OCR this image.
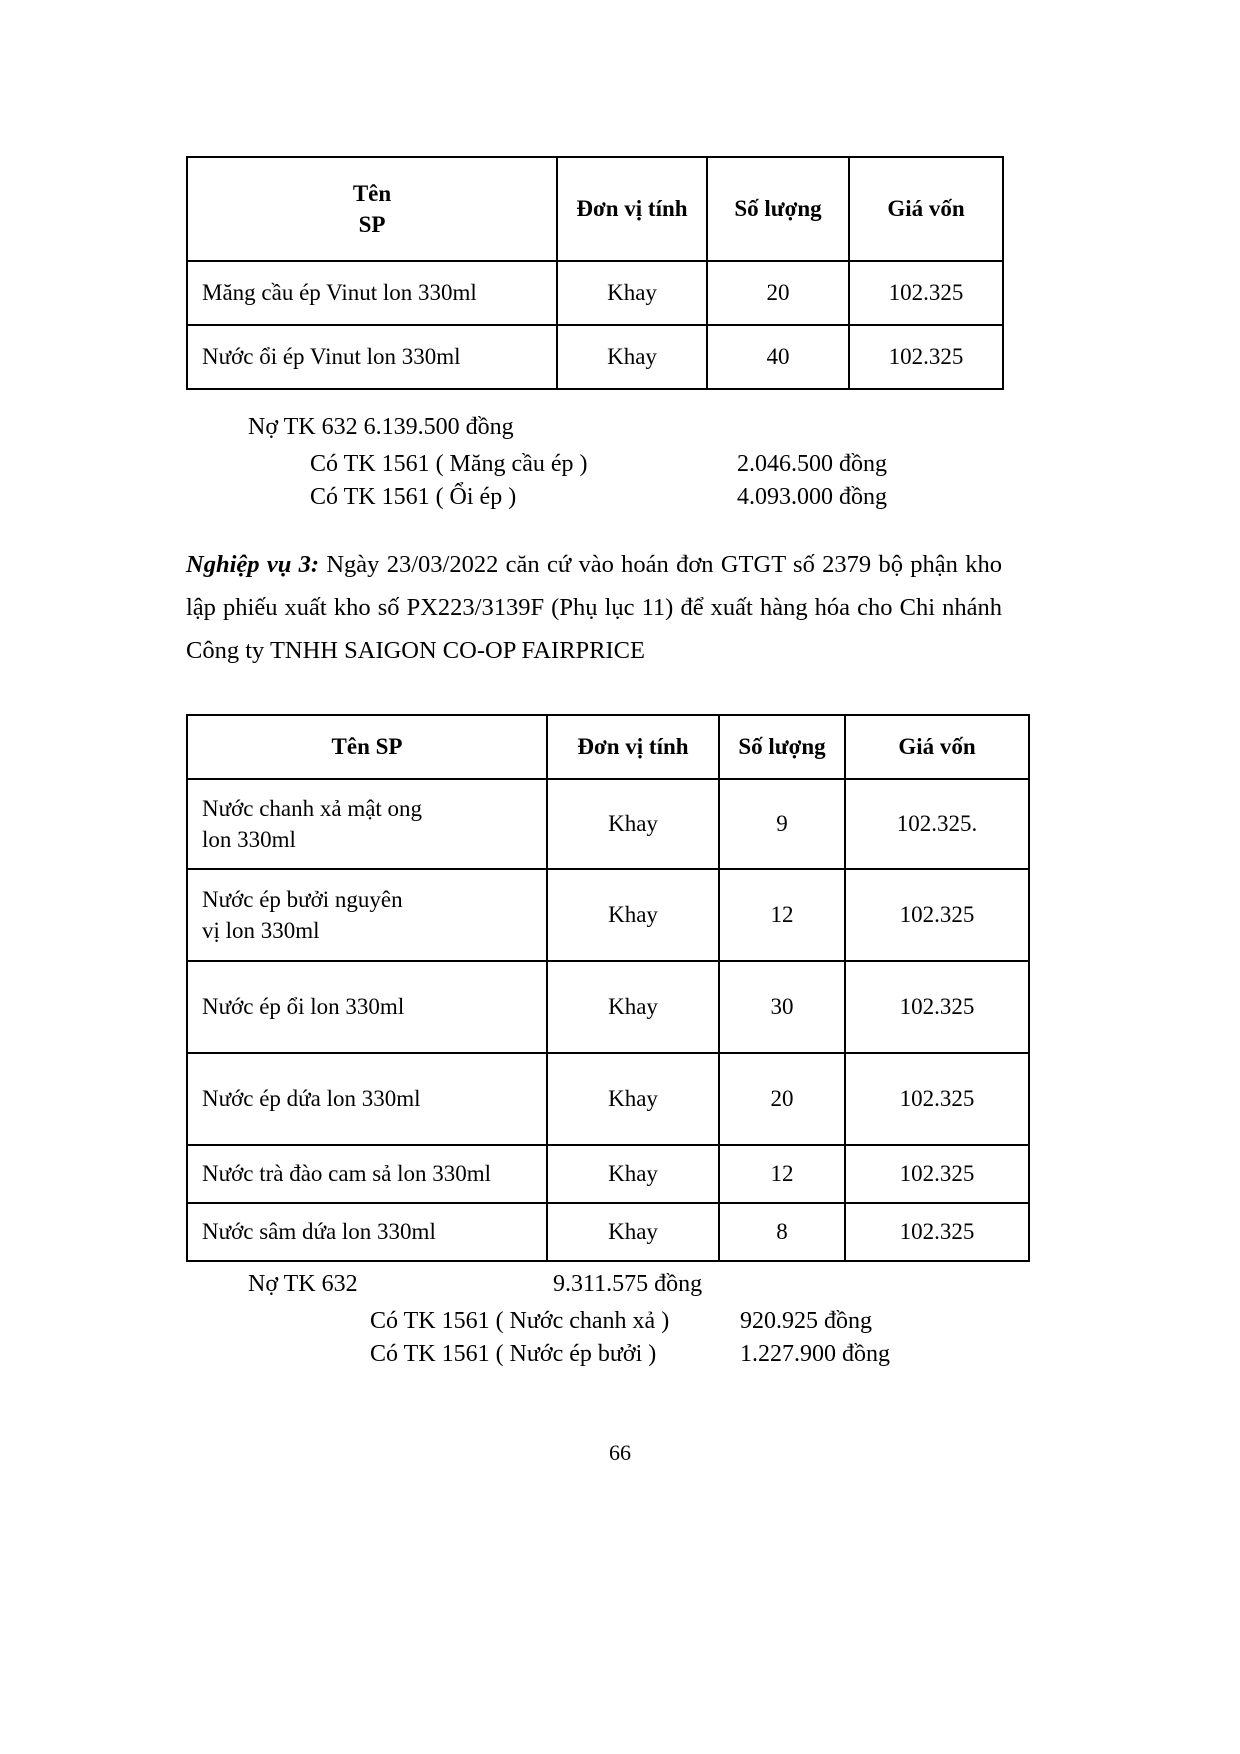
Tên
SP	Đơn vị tính	Số lượng	Giá vốn
Măng cầu ép Vinut lon 330ml	Khay	20	102.325
Nước ổi ép Vinut lon 330ml	Khay	40	102.325
Nợ TK 632 6.139.500 đồng
Có TK 1561 ( Măng cầu ép )	2.046.500 đồng
Có TK 1561 ( Ổi ép )	4.093.000 đồng
Nghiệp vụ 3: Ngày 23/03/2022 căn cứ vào hoán đơn GTGT số 2379 bộ phận kho lập phiếu xuất kho số PX223/3139F (Phụ lục 11) để xuất hàng hóa cho Chi nhánh Công ty TNHH SAIGON CO-OP FAIRPRICE
Tên SP	Đơn vị tính	Số lượng	Giá vốn
Nước chanh xả mật ong
lon 330ml	Khay	9	102.325.
Nước ép bưởi nguyên
vị lon 330ml	Khay	12	102.325
Nước ép ổi lon 330ml	Khay	30	102.325
Nước ép dứa lon 330ml	Khay	20	102.325
Nước trà đào cam sả lon 330ml	Khay	12	102.325
Nước sâm dứa lon 330ml	Khay	8	102.325
Nợ TK 632	9.311.575 đồng
Có TK 1561 ( Nước chanh xả )	920.925 đồng
Có TK 1561 ( Nước ép bưởi )	1.227.900 đồng
66
